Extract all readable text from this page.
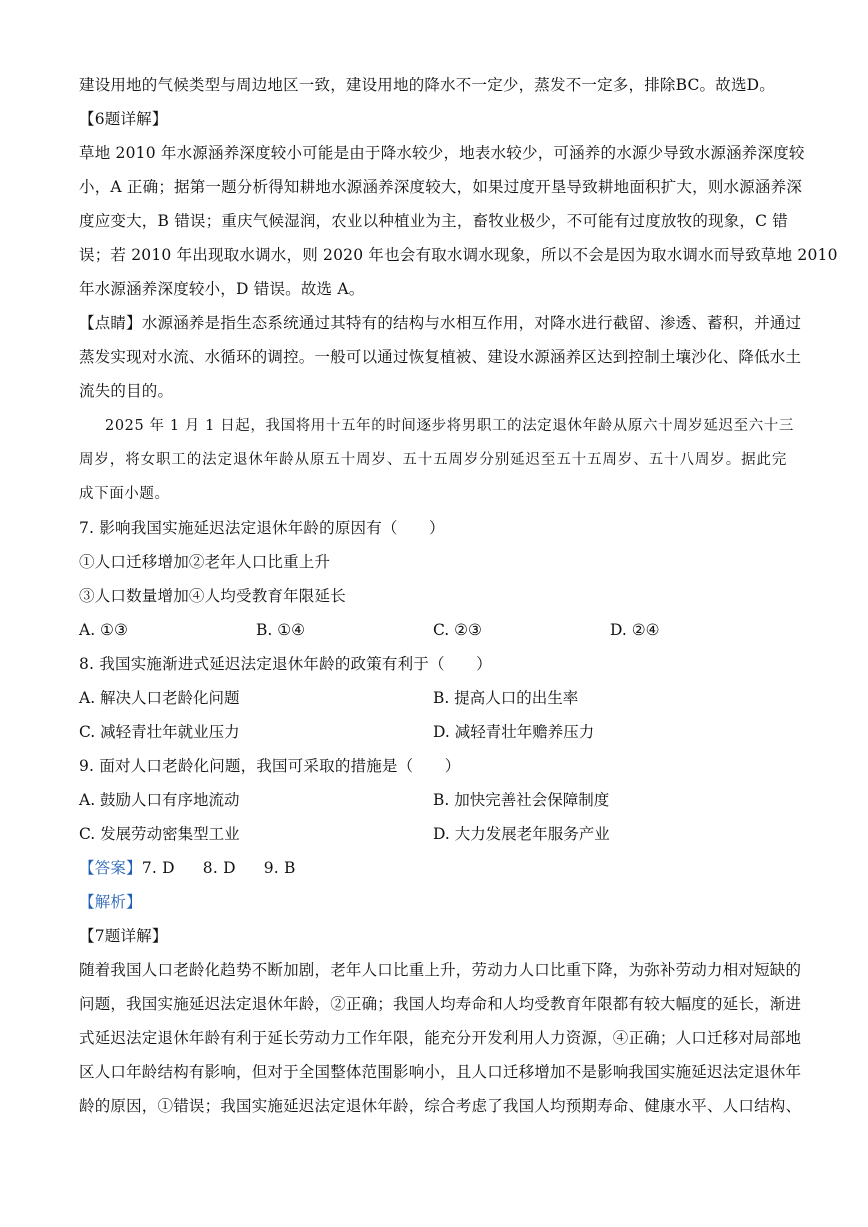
建设用地的气候类型与周边地区一致，建设用地的降水不一定少，蒸发不一定多，排除BC。故选D。
【6题详解】
草地 2010 年水源涵养深度较小可能是由于降水较少，地表水较少，可涵养的水源少导致水源涵养深度较
小，A 正确；据第一题分析得知耕地水源涵养深度较大，如果过度开垦导致耕地面积扩大，则水源涵养深
度应变大，B 错误；重庆气候湿润，农业以种植业为主，畜牧业极少，不可能有过度放牧的现象，C 错
误；若 2010 年出现取水调水，则 2020 年也会有取水调水现象，所以不会是因为取水调水而导致草地 2010
年水源涵养深度较小，D 错误。故选 A。
【点睛】水源涵养是指生态系统通过其特有的结构与水相互作用，对降水进行截留、渗透、蓄积，并通过
蒸发实现对水流、水循环的调控。一般可以通过恢复植被、建设水源涵养区达到控制土壤沙化、降低水土
流失的目的。
2025 年 1 月 1 日起，我国将用十五年的时间逐步将男职工的法定退休年龄从原六十周岁延迟至六十三
周岁，将女职工的法定退休年龄从原五十周岁、五十五周岁分别延迟至五十五周岁、五十八周岁。据此完
成下面小题。
7. 影响我国实施延迟法定退休年龄的原因有（　　）
①人口迁移增加②老年人口比重上升
③人口数量增加④人均受教育年限延长
A. ①③	B. ①④	C. ②③	D. ②④
8. 我国实施渐进式延迟法定退休年龄的政策有利于（　　）
A. 解决人口老龄化问题	B. 提高人口的出生率
C. 减轻青壮年就业压力	D. 减轻青壮年赡养压力
9. 面对人口老龄化问题，我国可采取的措施是（　　）
A. 鼓励人口有序地流动	B. 加快完善社会保障制度
C. 发展劳动密集型工业	D. 大力发展老年服务产业
【答案】7. D 8. D 9. B
【解析】
【7题详解】
随着我国人口老龄化趋势不断加剧，老年人口比重上升，劳动力人口比重下降，为弥补劳动力相对短缺的
问题，我国实施延迟法定退休年龄，②正确；我国人均寿命和人均受教育年限都有较大幅度的延长，渐进
式延迟法定退休年龄有利于延长劳动力工作年限，能充分开发利用人力资源，④正确；人口迁移对局部地
区人口年龄结构有影响，但对于全国整体范围影响小，且人口迁移增加不是影响我国实施延迟法定退休年
龄的原因，①错误；我国实施延迟法定退休年龄，综合考虑了我国人均预期寿命、健康水平、人口结构、
